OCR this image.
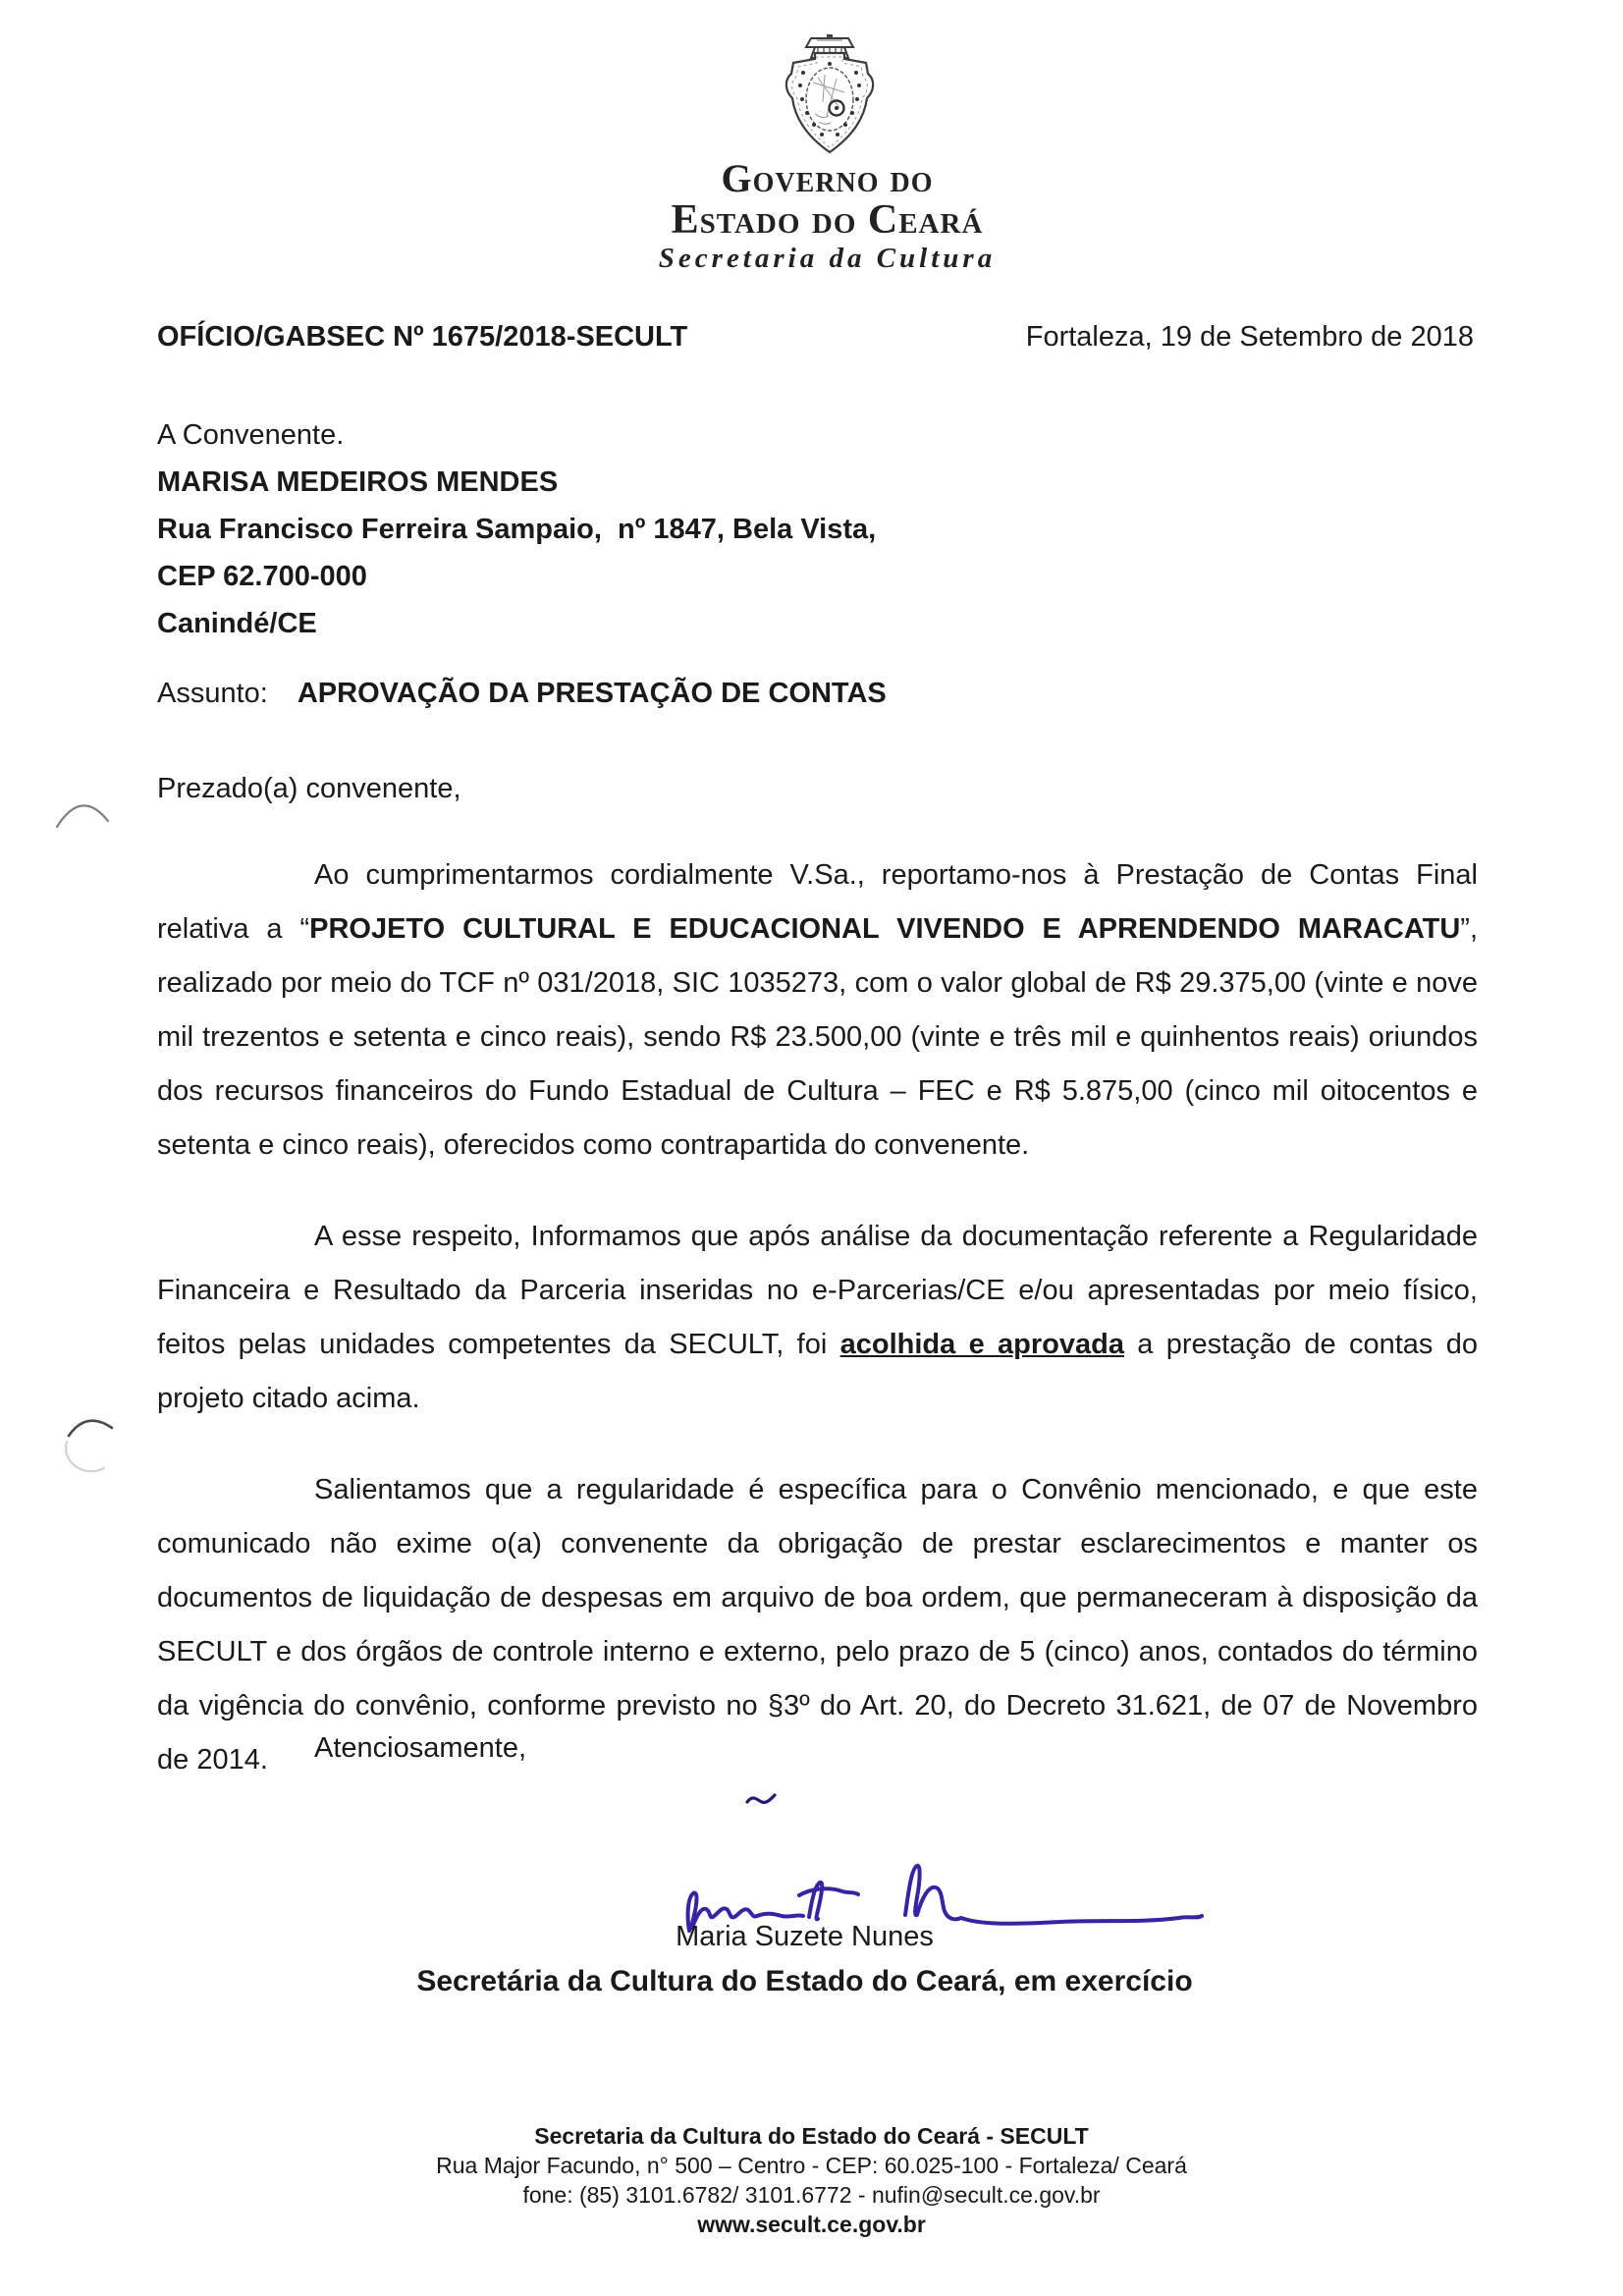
Governo do
Estado do Ceará
Secretaria da Cultura
OFÍCIO/GABSEC Nº 1675/2018-SECULT	Fortaleza, 19 de Setembro de 2018
A Convenente.
MARISA MEDEIROS MENDES
Rua Francisco Ferreira Sampaio,  nº 1847, Bela Vista,
CEP 62.700-000
Canindé/CE
Assunto: APROVAÇÃO DA PRESTAÇÃO DE CONTAS
Prezado(a) convenente,

Ao cumprimentarmos cordialmente V.Sa., reportamo-nos à Prestação de Contas Final relativa a “PROJETO CULTURAL E EDUCACIONAL VIVENDO E APRENDENDO MARACATU”, realizado por meio do TCF nº 031/2018, SIC 1035273, com o valor global de R$ 29.375,00 (vinte e nove mil trezentos e setenta e cinco reais), sendo R$ 23.500,00 (vinte e três mil e quinhentos reais) oriundos dos recursos financeiros do Fundo Estadual de Cultura – FEC e R$ 5.875,00 (cinco mil oitocentos e setenta e cinco reais), oferecidos como contrapartida do convenente.

A esse respeito, Informamos que após análise da documentação referente a Regularidade Financeira e Resultado da Parceria inseridas no e-Parcerias/CE e/ou apresentadas por meio físico, feitos pelas unidades competentes da SECULT, foi acolhida e aprovada a prestação de contas do projeto citado acima.

Salientamos que a regularidade é específica para o Convênio mencionado, e que este comunicado não exime o(a) convenente da obrigação de prestar esclarecimentos e manter os documentos de liquidação de despesas em arquivo de boa ordem, que permaneceram à disposição da SECULT e dos órgãos de controle interno e externo, pelo prazo de 5 (cinco) anos, contados do término da vigência do convênio, conforme previsto no §3º do Art. 20, do Decreto 31.621, de 07 de Novembro de 2014.	Atenciosamente,
Maria Suzete Nunes
Secretária da Cultura do Estado do Ceará, em exercício
Secretaria da Cultura do Estado do Ceará - SECULT
Rua Major Facundo, n° 500 – Centro - CEP: 60.025-100 - Fortaleza/ Ceará
fone: (85) 3101.6782/ 3101.6772 - nufin@secult.ce.gov.br
www.secult.ce.gov.br
